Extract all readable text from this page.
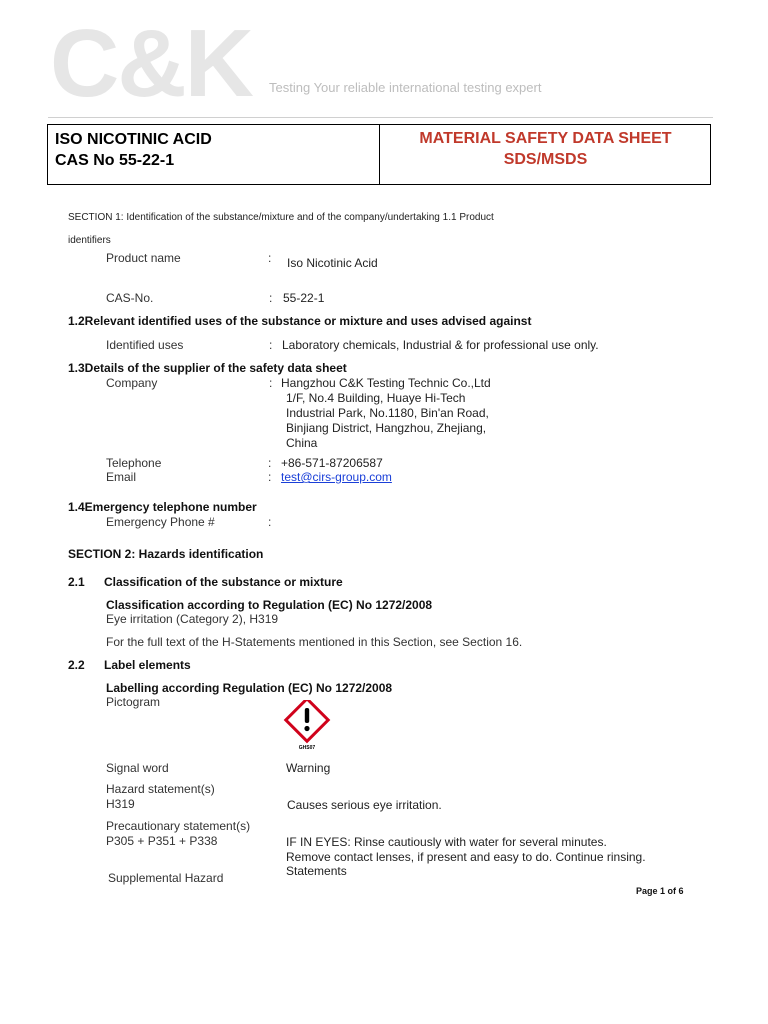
C&K Testing Your reliable international testing expert
ISO NICOTINIC ACID
CAS No 55-22-1
MATERIAL SAFETY DATA SHEET
SDS/MSDS
SECTION 1: Identification of the substance/mixture and of the company/undertaking 1.1 Product
identifiers
Product name	: Iso Nicotinic Acid
CAS-No.	: 55-22-1
1.2Relevant identified uses of the substance or mixture and uses advised against
Identified uses	: Laboratory chemicals, Industrial & for professional use only.
1.3Details of the supplier of the safety data sheet
Company	: Hangzhou C&K Testing Technic Co.,Ltd
1/F, No.4 Building, Huaye Hi-Tech
Industrial Park, No.1180, Bin'an Road,
Binjiang District, Hangzhou, Zhejiang,
China
Telephone	: +86-571-87206587
Email	: test@cirs-group.com
1.4Emergency telephone number
Emergency Phone #	:
SECTION 2: Hazards identification
2.1 Classification of the substance or mixture
Classification according to Regulation (EC) No 1272/2008
Eye irritation (Category 2), H319
For the full text of the H-Statements mentioned in this Section, see Section 16.
2.2 Label elements
Labelling according Regulation (EC) No 1272/2008
Pictogram
GHS07
Signal word	Warning
Hazard statement(s)
H319	Causes serious eye irritation.
Precautionary statement(s)
P305 + P351 + P338	IF IN EYES: Rinse cautiously with water for several minutes.
Remove contact lenses, if present and easy to do. Continue rinsing.
Statements
Supplemental Hazard
Page 1 of 6
